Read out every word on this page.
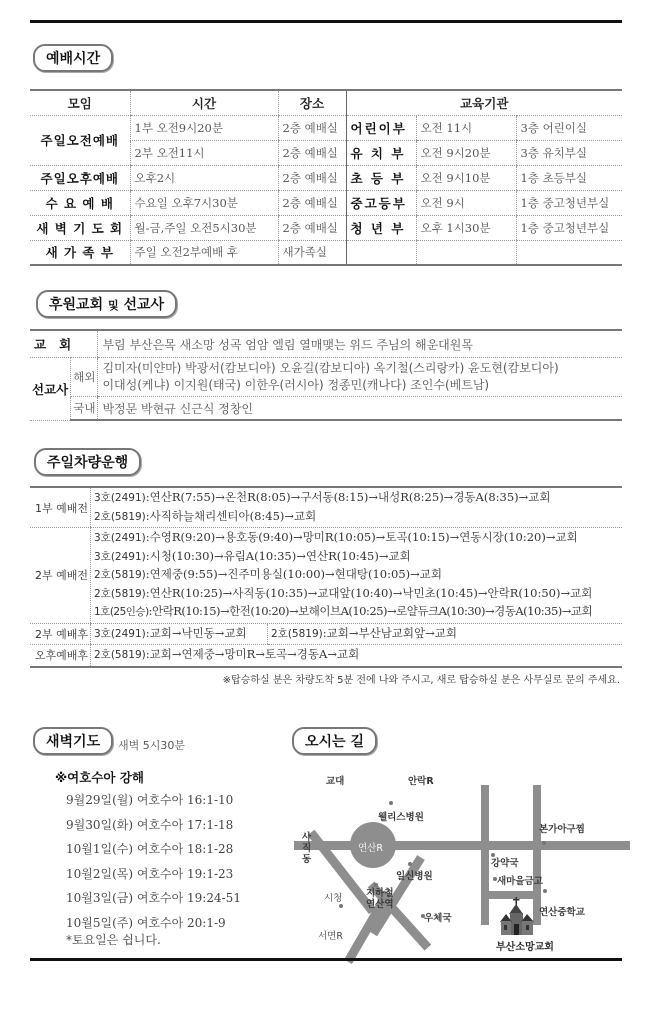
예배시간
모임	시간	장소	교육기관		
주일오전예배	1부 오전9시20분	2층 예배실	어린이부	오전 11시	3층 어린이실
	2부 오전11시	2층 예배실	유 치 부	오전 9시20분	3층 유치부실
주일오후예배	오후2시	2층 예배실	초 등 부	오전 9시10분	1층 초등부실
수 요 예 배	수요일 오후7시30분	2층 예배실	중고등부	오전 9시	1층 중고청년부실
새 벽 기 도 회	월-금,주일 오전5시30분	2층 예배실	청 년 부	오후 1시30분	1층 중고청년부실
새 가 족 부	주일 오전2부예배 후	새가족실			
후원교회 및 선교사
교   회		부림 부산은목 새소망 성곡 엄암 엘림 열매맺는 위드 주님의 해운대원목
선교사	해외	김미자(미얀마) 박광서(캄보디아) 오윤길(캄보디아) 옥기철(스리랑카) 윤도현(캄보디아)
이대성(케냐) 이지원(태국) 이한우(러시아) 정종민(캐나다) 조인수(베트남)

	국내	박정문 박현규 신근식 정창인
주일차량운행
1부 예배전	3호(2491):연산R(7:55)→온천R(8:05)→구서동(8:15)→내성R(8:25)→경동A(8:35)→교회
2호(5819):사직하늘채리센티아(8:45)→교회	

2부 예배전	3호(2491):수영R(9:20)→용호동(9:40)→망미R(10:05)→토곡(10:15)→연동시장(10:20)→교회
3호(2491):시청(10:30)→유림A(10:35)→연산R(10:45)→교회
2호(5819):연제중(9:55)→진주미용실(10:00)→현대탕(10:05)→교회
2호(5819):연산R(10:25)→사직동(10:35)→교대앞(10:40)→낙민초(10:45)→안락R(10:50)→교회
1호(25인승):안락R(10:15)→한전(10:20)→보해이브A(10:25)→로얄듀크A(10:30)→경동A(10:35)→교회	

2부 예배후	3호(2491):교회→낙민동→교회	2호(5819):교회→부산남교회앞→교회

오후예배후	2호(5819):교회→연제중→망미R→토곡→경동A→교회	
※탑승하실 분은 차량도착 5분 전에 나와 주시고, 새로 탑승하실 분은 사무실로 문의 주세요.
새벽기도	새벽 5시30분
※여호수아 강해
9월29일(월) 여호수아 16:1-10
9월30일(화) 여호수아 17:1-18
10월1일(수) 여호수아 18:1-28
10월2일(목) 여호수아 19:1-23
10월3일(금) 여호수아 19:24-51
10월5일(주) 여호수아 20:1-9
*토요일은 쉽니다.
오시는 길
교대	안락R
웰리스병원
사직동
연산R
일신병원
시청 지하철
연산역
우체국
서면R
본가아구찜
강약국
새마을금고
연산중학교
부산소망교회
